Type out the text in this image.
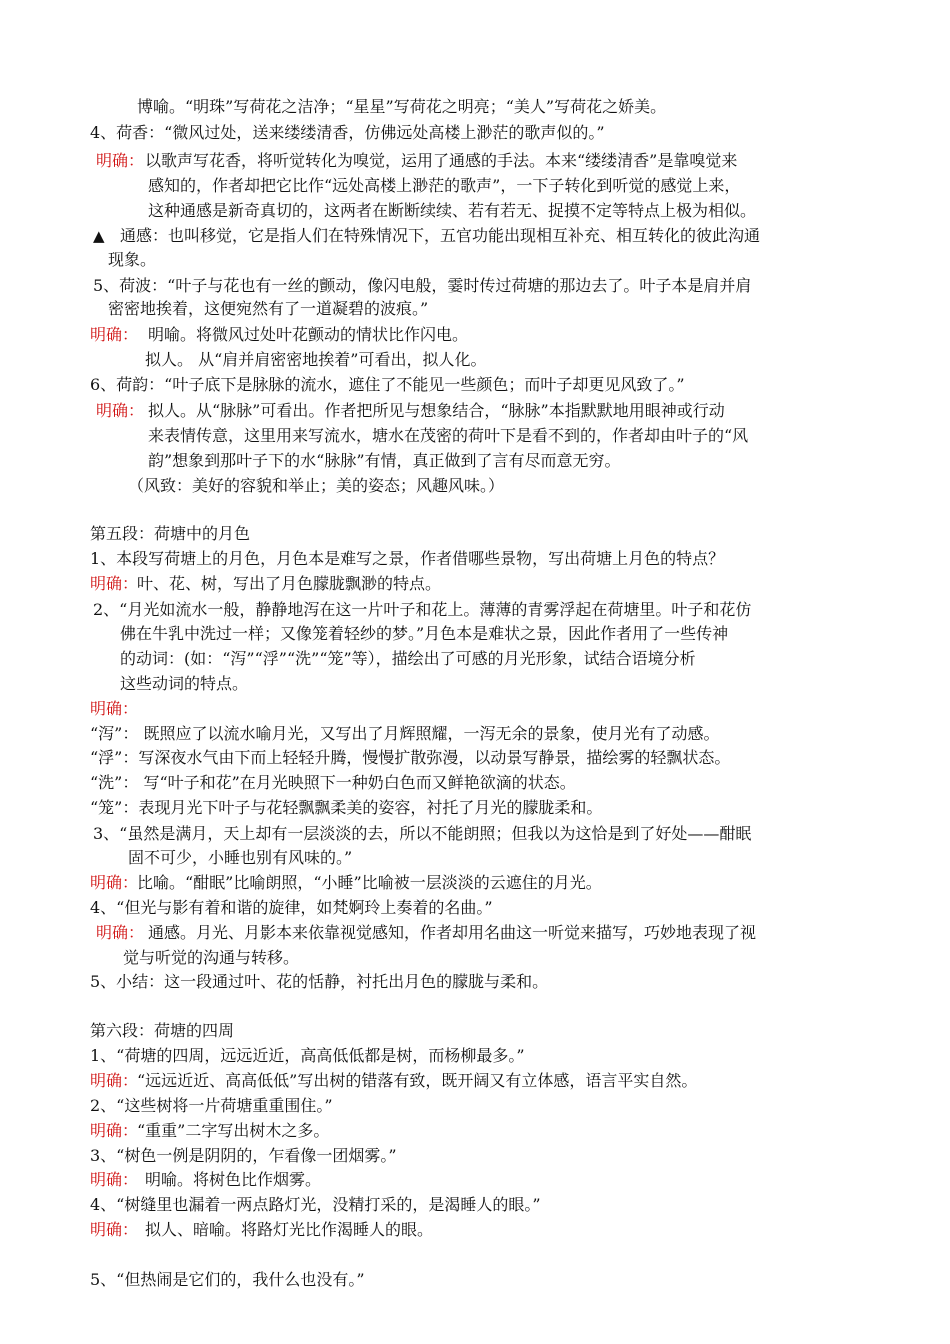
博喻。“明珠”写荷花之洁净；“星星”写荷花之明亮；“美人”写荷花之娇美。
4、荷香：“微风过处，送来缕缕清香，仿佛远处高楼上渺茫的歌声似的。”
明确： 以歌声写花香，将听觉转化为嗅觉，运用了通感的手法。本来“缕缕清香”是靠嗅觉来
感知的，作者却把它比作“远处高楼上渺茫的歌声”，一下子转化到听觉的感觉上来，
这种通感是新奇真切的，这两者在断断续续、若有若无、捉摸不定等特点上极为相似。
▲ 通感：也叫移觉，它是指人们在特殊情况下，五官功能出现相互补充、相互转化的彼此沟通
现象。
5、荷波：“叶子与花也有一丝的颤动，像闪电般，霎时传过荷塘的那边去了。叶子本是肩并肩
密密地挨着，这便宛然有了一道凝碧的波痕。”
明确： 明喻。将微风过处叶花颤动的情状比作闪电。
拟人。 从“肩并肩密密地挨着”可看出，拟人化。
6、荷韵：“叶子底下是脉脉的流水，遮住了不能见一些颜色；而叶子却更见风致了。”
明确： 拟人。从“脉脉”可看出。作者把所见与想象结合，“脉脉”本指默默地用眼神或行动
来表情传意，这里用来写流水，塘水在茂密的荷叶下是看不到的，作者却由叶子的“风
韵”想象到那叶子下的水“脉脉”有情，真正做到了言有尽而意无穷。
（风致：美好的容貌和举止；美的姿态；风趣风味。）
第五段：荷塘中的月色
1、本段写荷塘上的月色，月色本是难写之景，作者借哪些景物，写出荷塘上月色的特点？
明确：
叶、花、树，写出了月色朦胧飘渺的特点。
2、“月光如流水一般，静静地泻在这一片叶子和花上。薄薄的青雾浮起在荷塘里。叶子和花仿
佛在牛乳中洗过一样；又像笼着轻纱的梦。”月色本是难状之景，因此作者用了一些传神
的动词：(如：“泻”“浮”“洗”“笼”等），描绘出了可感的月光形象，试结合语境分析
这些动词的特点。
明确：
“泻”： 既照应了以流水喻月光，又写出了月辉照耀，一泻无余的景象，使月光有了动感。
“浮”：写深夜水气由下而上轻轻升腾，慢慢扩散弥漫，以动景写静景，描绘雾的轻飘状态。
“洗”： 写“叶子和花”在月光映照下一种奶白色而又鲜艳欲滴的状态。
“笼”：表现月光下叶子与花轻飘飘柔美的姿容，衬托了月光的朦胧柔和。
3、“虽然是满月，天上却有一层淡淡的去，所以不能朗照；但我以为这恰是到了好处——酣眠
固不可少，小睡也别有风味的。”
明确：
比喻。“酣眠”比喻朗照，“小睡”比喻被一层淡淡的云遮住的月光。
4、“但光与影有着和谐的旋律，如梵婀玲上奏着的名曲。”
明确： 通感。月光、月影本来依靠视觉感知，作者却用名曲这一听觉来描写，巧妙地表现了视
觉与听觉的沟通与转移。
5、小结：这一段通过叶、花的恬静，衬托出月色的朦胧与柔和。
第六段：荷塘的四周
1、“荷塘的四周，远远近近，高高低低都是树，而杨柳最多。”
明确：
“远远近近、高高低低”写出树的错落有致，既开阔又有立体感，语言平实自然。
2、“这些树将一片荷塘重重围住。”
明确：
“重重”二字写出树木之多。
3、“树色一例是阴阴的，乍看像一团烟雾。”
明确： 明喻。将树色比作烟雾。
4、“树缝里也漏着一两点路灯光，没精打采的，是渴睡人的眼。”
明确： 拟人、暗喻。将路灯光比作渴睡人的眼。
5、“但热闹是它们的，我什么也没有。”
